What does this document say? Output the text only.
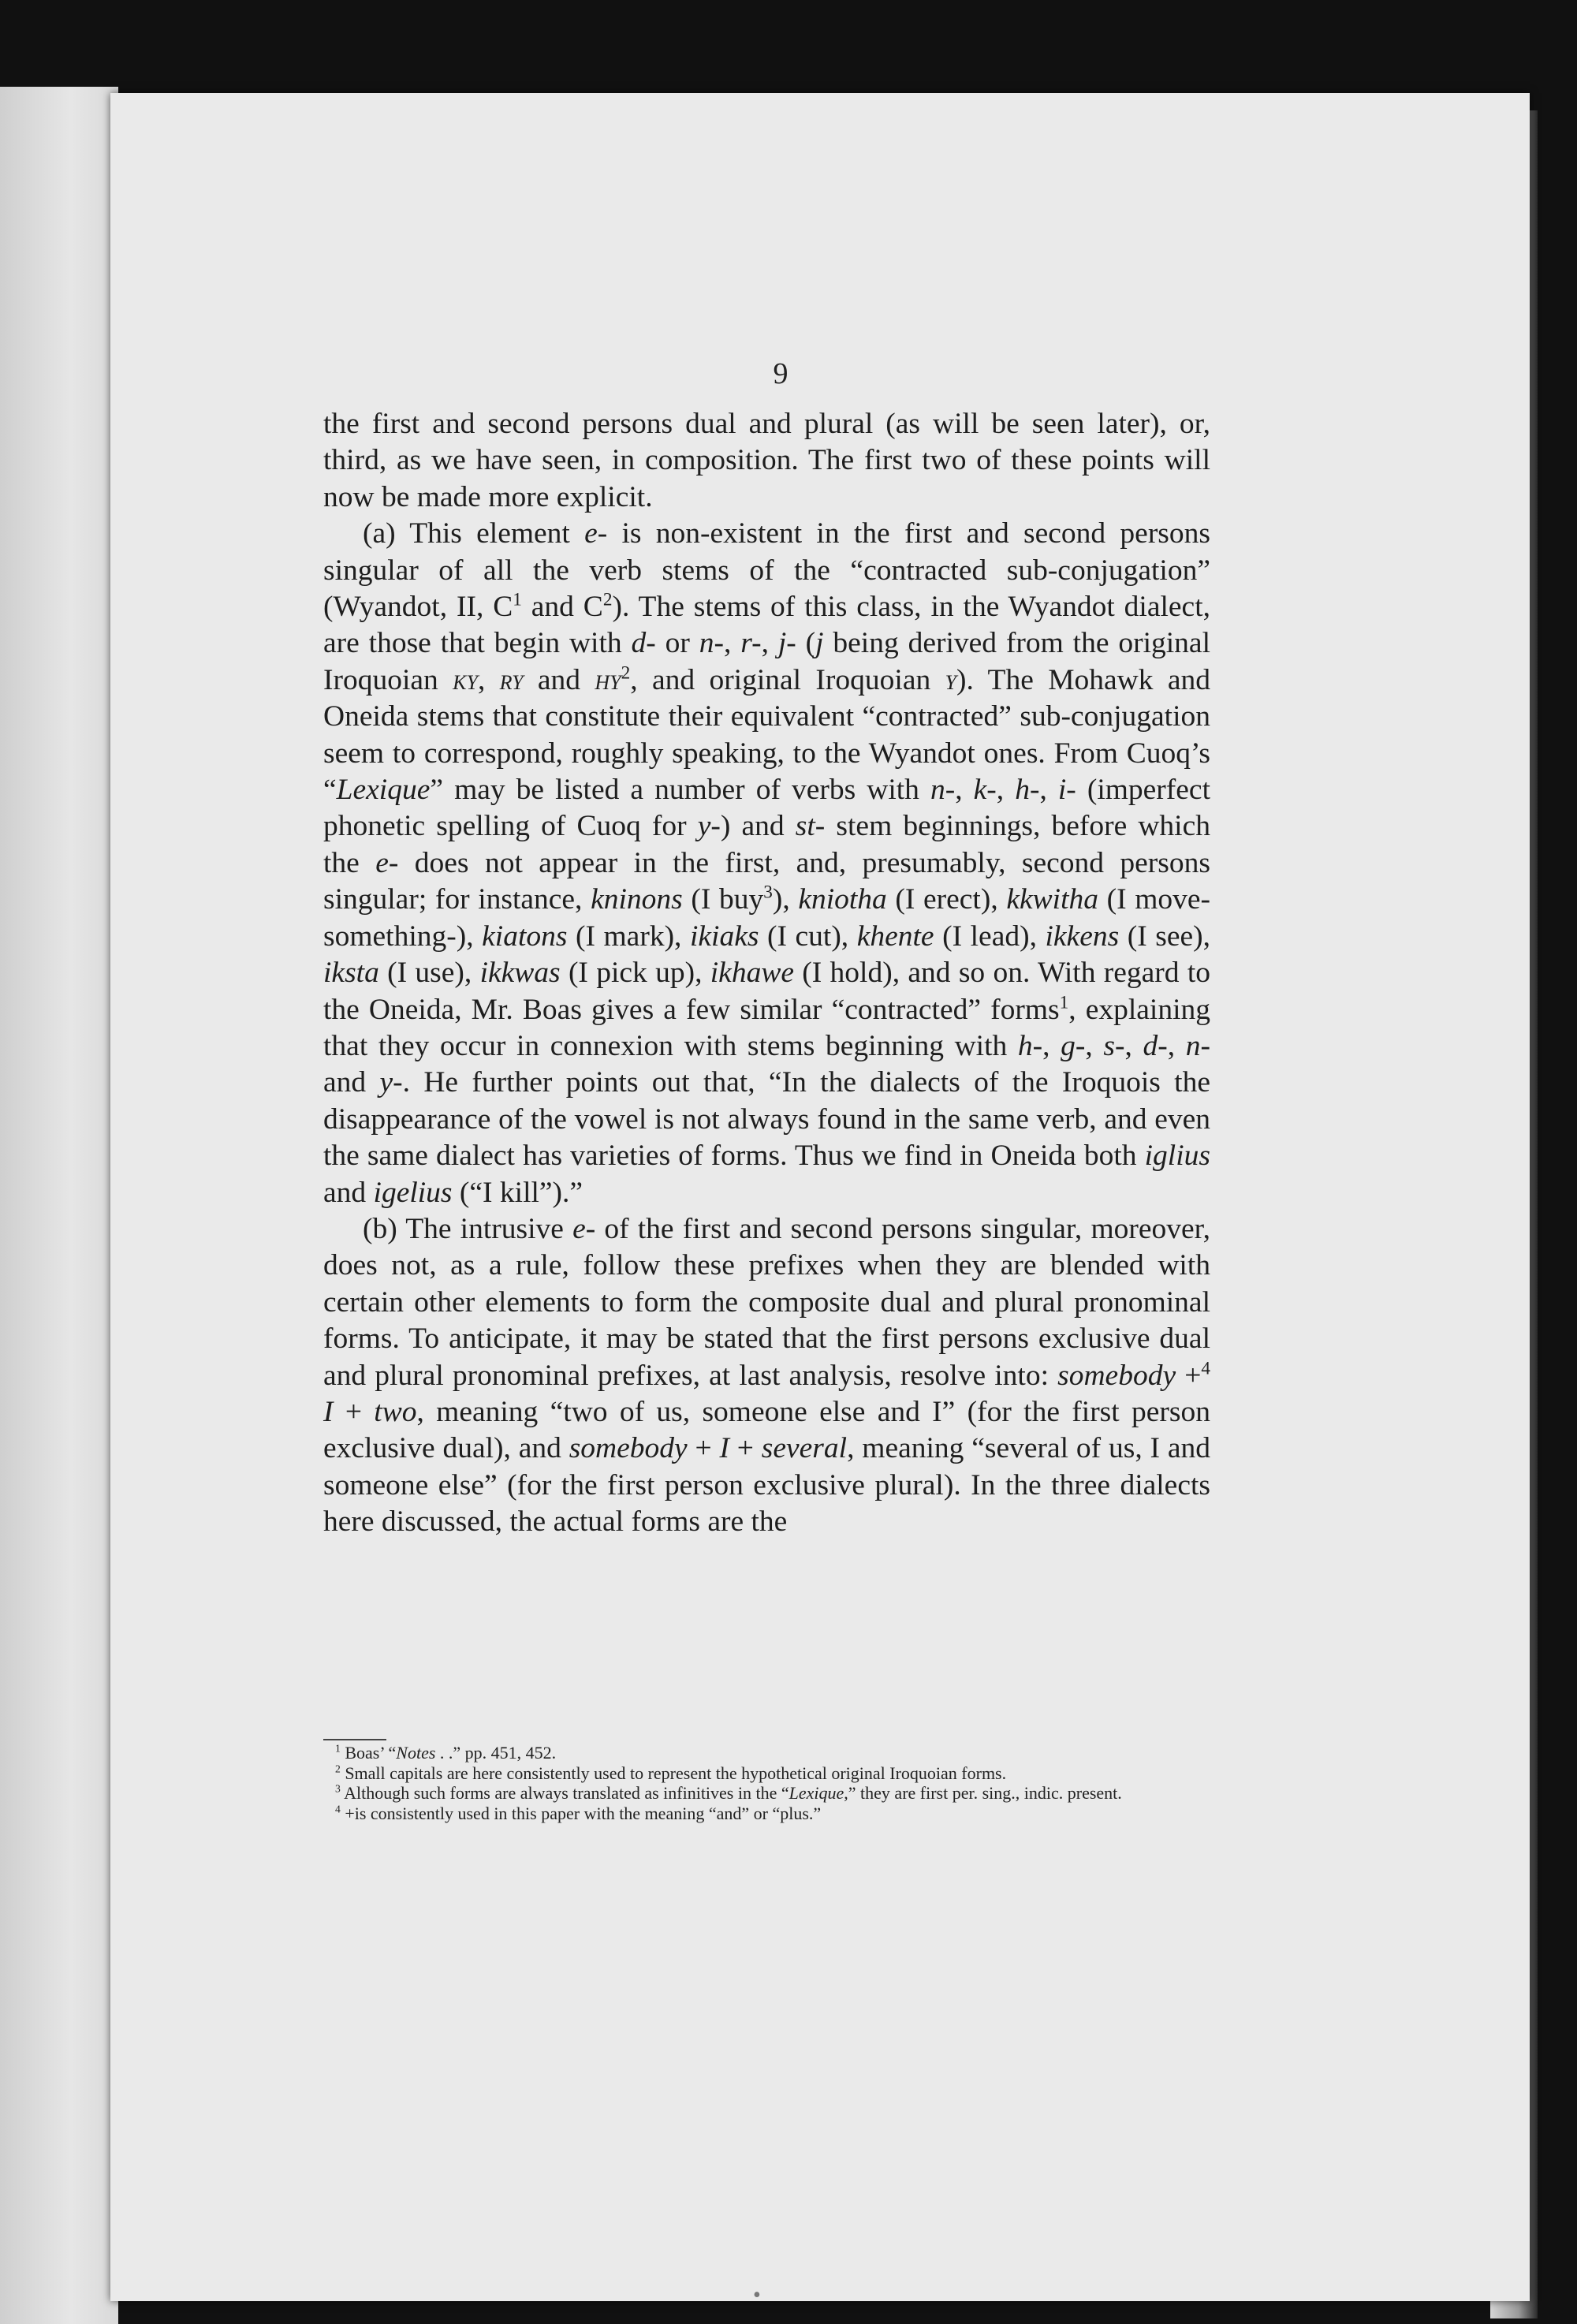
9

the first and second persons dual and plural (as will be seen later), or, third, as we have seen, in composition. The first two of these points will now be made more explicit.

(a) This element e- is non-existent in the first and second persons singular of all the verb stems of the “contracted sub-conjugation” (Wyandot, II, $C^1$ and $C^2$). The stems of this class, in the Wyandot dialect, are those that begin with d- or n-, r-, j- (j being derived from the original Iroquoian ky, ry and $hy^2$, and original Iroquoian y). The Mohawk and Oneida stems that constitute their equivalent “contracted” sub-conjugation seem to correspond, roughly speaking, to the Wyandot ones. From Cuoq’s “Lexique” may be listed a number of verbs with n-, k-, h-, i- (imperfect phonetic spelling of Cuoq for y-) and st- stem beginnings, before which the e- does not appear in the first, and, presumably, second persons singular; for instance, kninons (I buy$^3$), kniotha (I erect), kkwitha (I move-something-), kiatons (I mark), ikiaks (I cut), khente (I lead), ikkens (I see), iksta (I use), ikkwas (I pick up), ikhawe (I hold), and so on. With regard to the Oneida, Mr. Boas gives a few similar “contracted” forms$^1$, explaining that they occur in connexion with stems beginning with h-, g-, s-, d-, n- and y-. He further points out that, “In the dialects of the Iroquois the disappearance of the vowel is not always found in the same verb, and even the same dialect has varieties of forms. Thus we find in Oneida both iglius and igelius (“I kill”).”

(b) The intrusive e- of the first and second persons singular, moreover, does not, as a rule, follow these prefixes when they are blended with certain other elements to form the composite dual and plural pronominal forms. To anticipate, it may be stated that the first persons exclusive dual and plural pronominal prefixes, at last analysis, resolve into: somebody +$^4$ I + two, meaning “two of us, someone else and I” (for the first person exclusive dual), and somebody + I + several, meaning “several of us, I and someone else” (for the first person exclusive plural). In the three dialects here discussed, the actual forms are the

$^1$ Boas’ “Notes . .” pp. 451, 452.

$^2$ Small capitals are here consistently used to represent the hypothetical original Iroquoian forms.

$^3$ Although such forms are always translated as infinitives in the “Lexique,” they are first per. sing., indic. present.

$^4$ +is consistently used in this paper with the meaning “and” or “plus.”

•
